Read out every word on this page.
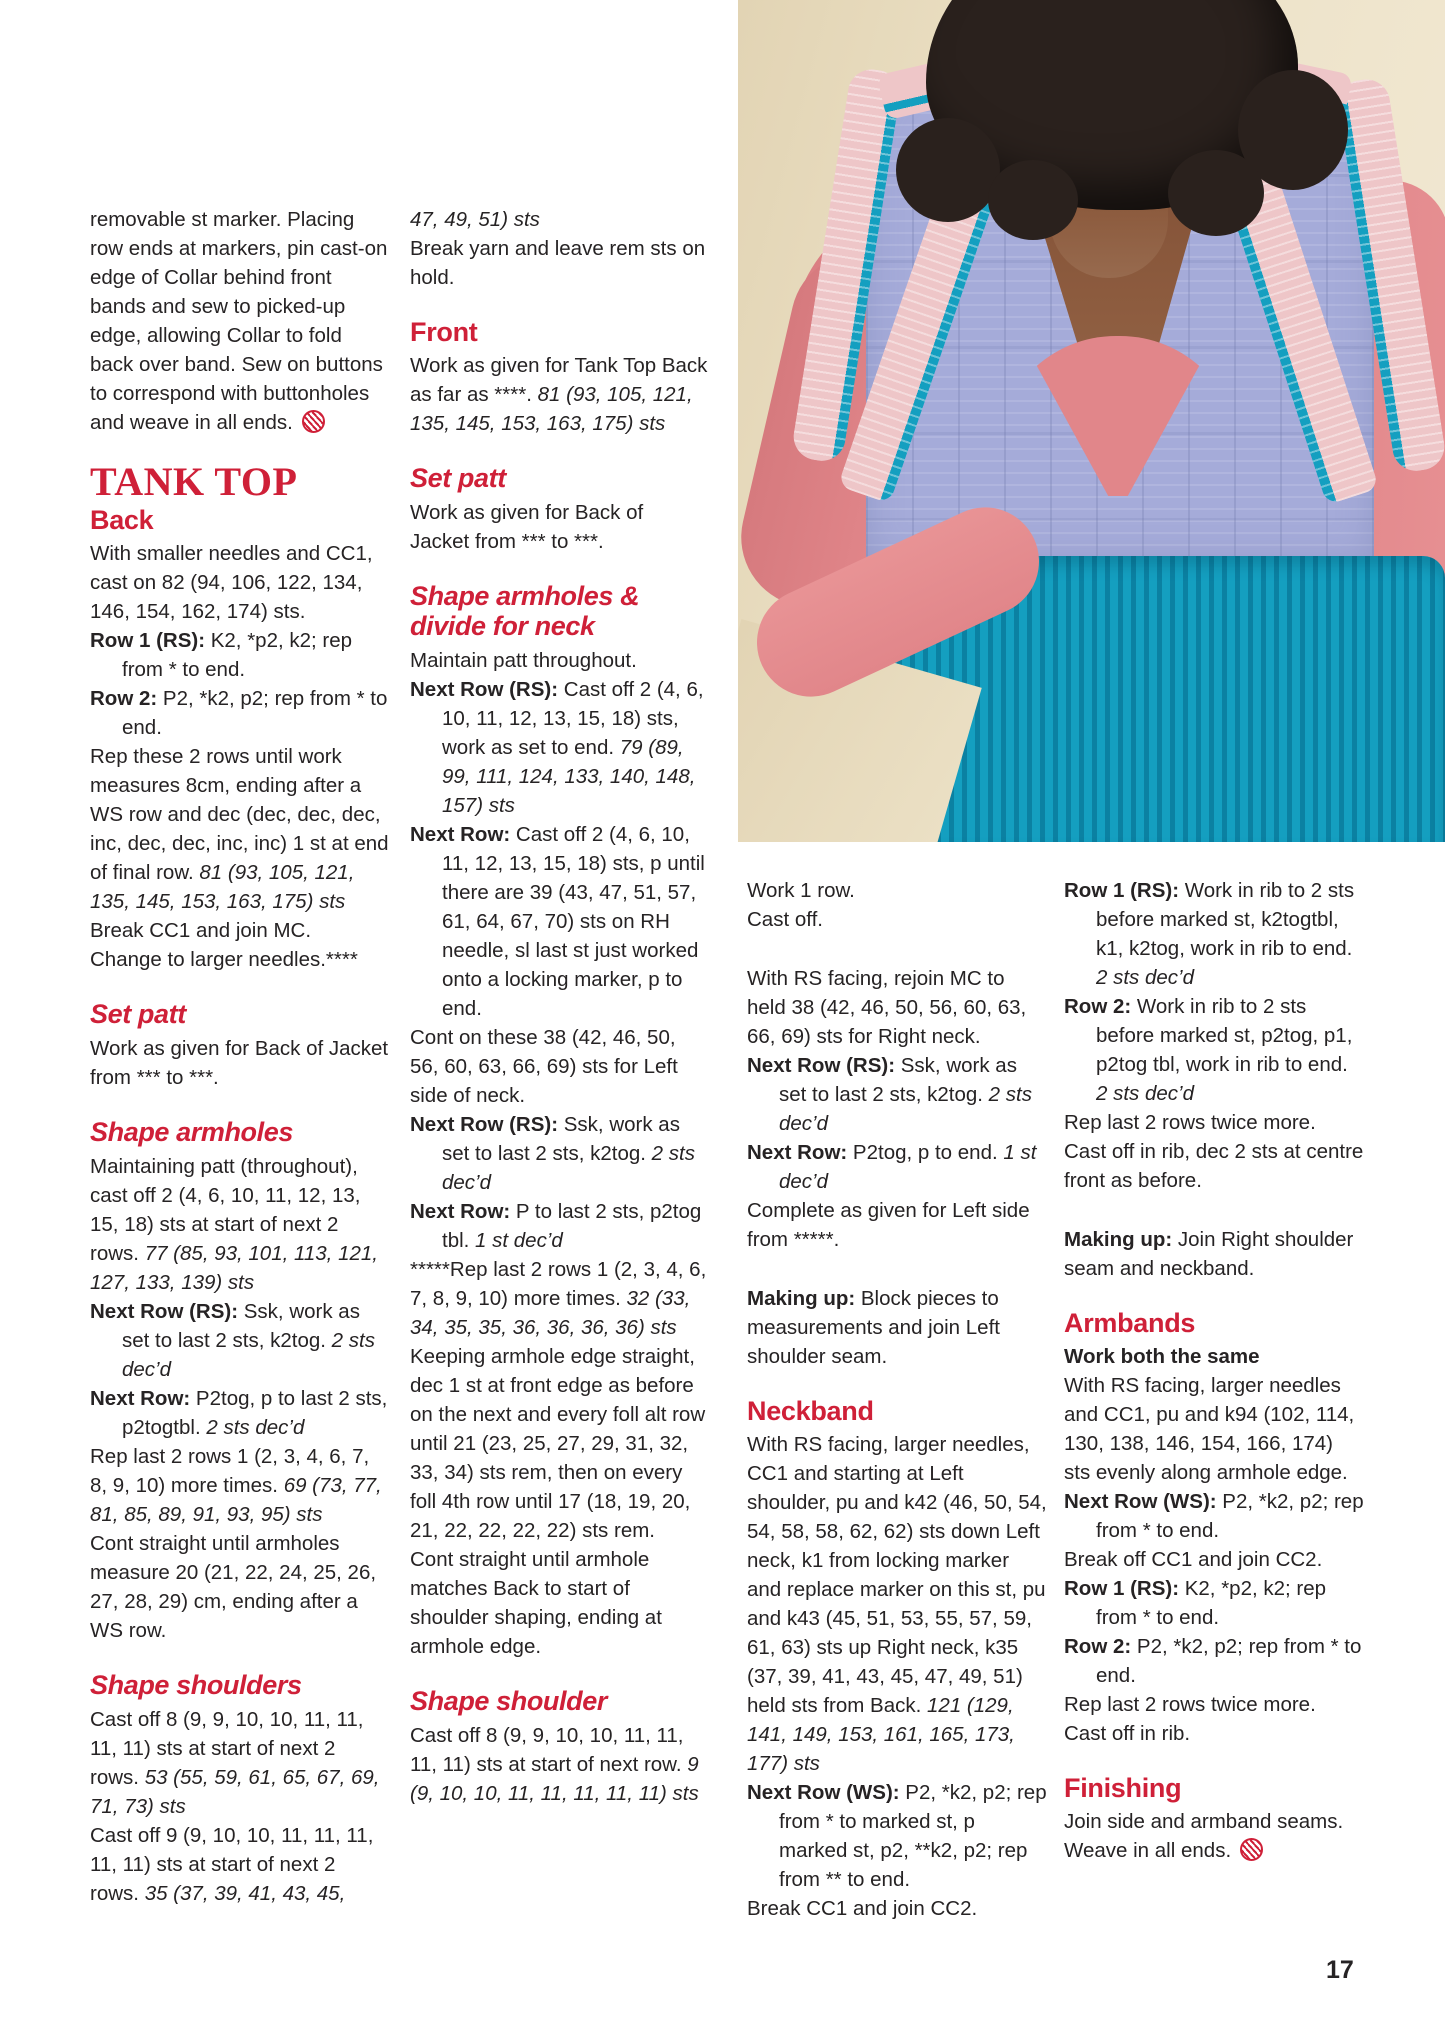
removable st marker. Placing row ends at markers, pin cast-on edge of Collar behind front bands and sew to picked-up edge, allowing Collar to fold back over band. Sew on buttons to correspond with buttonholes and weave in all ends.

TANK TOP
Back

With smaller needles and CC1, cast on 82 (94, 106, 122, 134, 146, 154, 162, 174) sts.

Row 1 (RS): K2, *p2, k2; rep from * to end.

Row 2: P2, *k2, p2; rep from * to end.

Rep these 2 rows until work measures 8cm, ending after a WS row and dec (dec, dec, dec, inc, dec, dec, inc, inc) 1 st at end of final row. 81 (93, 105, 121, 135, 145, 153, 163, 175) sts

Break CC1 and join MC.

Change to larger needles.****

Set patt

Work as given for Back of Jacket from *** to ***.

Shape armholes

Maintaining patt (throughout), cast off 2 (4, 6, 10, 11, 12, 13, 15, 18) sts at start of next 2 rows. 77 (85, 93, 101, 113, 121, 127, 133, 139) sts

Next Row (RS): Ssk, work as set to last 2 sts, k2tog. 2 sts dec’d

Next Row: P2tog, p to last 2 sts, p2togtbl. 2 sts dec’d

Rep last 2 rows 1 (2, 3, 4, 6, 7, 8, 9, 10) more times. 69 (73, 77, 81, 85, 89, 91, 93, 95) sts

Cont straight until armholes measure 20 (21, 22, 24, 25, 26, 27, 28, 29) cm, ending after a WS row.

Shape shoulders

Cast off 8 (9, 9, 10, 10, 11, 11, 11, 11) sts at start of next 2 rows. 53 (55, 59, 61, 65, 67, 69, 71, 73) sts

Cast off 9 (9, 10, 10, 11, 11, 11, 11, 11) sts at start of next 2 rows. 35 (37, 39, 41, 43, 45,

47, 49, 51) sts

Break yarn and leave rem sts on hold.

Front

Work as given for Tank Top Back as far as ****. 81 (93, 105, 121, 135, 145, 153, 163, 175) sts

Set patt

Work as given for Back of Jacket from *** to ***.

Shape armholes & divide for neck

Maintain patt throughout.

Next Row (RS): Cast off 2 (4, 6, 10, 11, 12, 13, 15, 18) sts, work as set to end. 79 (89, 99, 111, 124, 133, 140, 148, 157) sts

Next Row: Cast off 2 (4, 6, 10, 11, 12, 13, 15, 18) sts, p until there are 39 (43, 47, 51, 57, 61, 64, 67, 70) sts on RH needle, sl last st just worked onto a locking marker, p to end.

Cont on these 38 (42, 46, 50, 56, 60, 63, 66, 69) sts for Left side of neck.

Next Row (RS): Ssk, work as set to last 2 sts, k2tog. 2 sts dec’d

Next Row: P to last 2 sts, p2tog tbl. 1 st dec’d

*****Rep last 2 rows 1 (2, 3, 4, 6, 7, 8, 9, 10) more times. 32 (33, 34, 35, 35, 36, 36, 36, 36) sts

Keeping armhole edge straight, dec 1 st at front edge as before on the next and every foll alt row until 21 (23, 25, 27, 29, 31, 32, 33, 34) sts rem, then on every foll 4th row until 17 (18, 19, 20, 21, 22, 22, 22, 22) sts rem.

Cont straight until armhole matches Back to start of shoulder shaping, ending at armhole edge.

Shape shoulder

Cast off 8 (9, 9, 10, 10, 11, 11, 11, 11) sts at start of next row. 9 (9, 10, 10, 11, 11, 11, 11, 11) sts

Work 1 row.

Cast off.

With RS facing, rejoin MC to held 38 (42, 46, 50, 56, 60, 63, 66, 69) sts for Right neck.

Next Row (RS): Ssk, work as set to last 2 sts, k2tog. 2 sts dec’d

Next Row: P2tog, p to end. 1 st dec’d

Complete as given for Left side from *****.

Making up: Block pieces to measurements and join Left shoulder seam.

Neckband

With RS facing, larger needles, CC1 and starting at Left shoulder, pu and k42 (46, 50, 54, 54, 58, 58, 62, 62) sts down Left neck, k1 from locking marker and replace marker on this st, pu and k43 (45, 51, 53, 55, 57, 59, 61, 63) sts up Right neck, k35 (37, 39, 41, 43, 45, 47, 49, 51) held sts from Back. 121 (129, 141, 149, 153, 161, 165, 173, 177) sts

Next Row (WS): P2, *k2, p2; rep from * to marked st, p marked st, p2, **k2, p2; rep from ** to end.

Break CC1 and join CC2.

Row 1 (RS): Work in rib to 2 sts before marked st, k2togtbl, k1, k2tog, work in rib to end. 2 sts dec’d

Row 2: Work in rib to 2 sts before marked st, p2tog, p1, p2tog tbl, work in rib to end. 2 sts dec’d

Rep last 2 rows twice more.

Cast off in rib, dec 2 sts at centre front as before.

Making up: Join Right shoulder seam and neckband.

Armbands

Work both the same

With RS facing, larger needles and CC1, pu and k94 (102, 114, 130, 138, 146, 154, 166, 174) sts evenly along armhole edge.

Next Row (WS): P2, *k2, p2; rep from * to end.

Break off CC1 and join CC2.

Row 1 (RS): K2, *p2, k2; rep from * to end.

Row 2: P2, *k2, p2; rep from * to end.

Rep last 2 rows twice more.

Cast off in rib.

Finishing

Join side and armband seams.

Weave in all ends.

17
